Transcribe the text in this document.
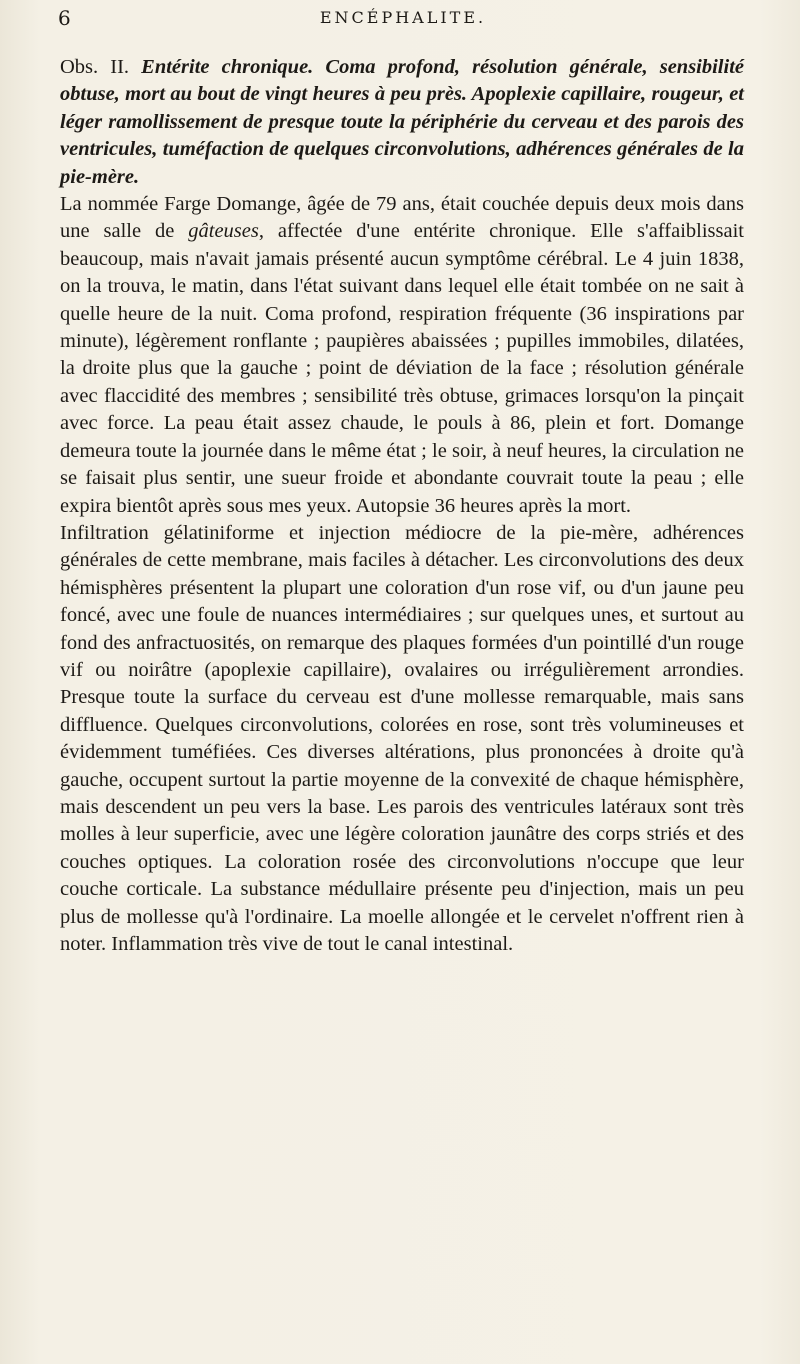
6	ENCÉPHALITE.

Obs. II. Entérite chronique. Coma profond, résolution générale, sensibilité obtuse, mort au bout de vingt heures à peu près. Apoplexie capillaire, rougeur, et léger ramollissement de presque toute la périphérie du cerveau et des parois des ventricules, tuméfaction de quelques circonvolutions, adhérences générales de la pie-mère.

La nommée Farge Domange, âgée de 79 ans, était couchée depuis deux mois dans une salle de gâteuses, affectée d'une entérite chronique. Elle s'affaiblissait beaucoup, mais n'avait jamais présenté aucun symptôme cérébral. Le 4 juin 1838, on la trouva, le matin, dans l'état suivant dans lequel elle était tombée on ne sait à quelle heure de la nuit. Coma profond, respiration fréquente (36 inspirations par minute), légèrement ronflante ; paupières abaissées ; pupilles immobiles, dilatées, la droite plus que la gauche ; point de déviation de la face ; résolution générale avec flaccidité des membres ; sensibilité très obtuse, grimaces lorsqu'on la pinçait avec force. La peau était assez chaude, le pouls à 86, plein et fort. Domange demeura toute la journée dans le même état ; le soir, à neuf heures, la circulation ne se faisait plus sentir, une sueur froide et abondante couvrait toute la peau ; elle expira bientôt après sous mes yeux. Autopsie 36 heures après la mort.

Infiltration gélatiniforme et injection médiocre de la pie-mère, adhérences générales de cette membrane, mais faciles à détacher. Les circonvolutions des deux hémisphères présentent la plupart une coloration d'un rose vif, ou d'un jaune peu foncé, avec une foule de nuances intermédiaires ; sur quelques unes, et surtout au fond des anfractuosités, on remarque des plaques formées d'un pointillé d'un rouge vif ou noirâtre (apoplexie capillaire), ovalaires ou irrégulièrement arrondies. Presque toute la surface du cerveau est d'une mollesse remarquable, mais sans diffluence. Quelques circonvolutions, colorées en rose, sont très volumineuses et évidemment tuméfiées. Ces diverses altérations, plus prononcées à droite qu'à gauche, occupent surtout la partie moyenne de la convexité de chaque hémisphère, mais descendent un peu vers la base. Les parois des ventricules latéraux sont très molles à leur superficie, avec une légère coloration jaunâtre des corps striés et des couches optiques. La coloration rosée des circonvolutions n'occupe que leur couche corticale. La substance médullaire présente peu d'injection, mais un peu plus de mollesse qu'à l'ordinaire. La moelle allongée et le cervelet n'offrent rien à noter. Inflammation très vive de tout le canal intestinal.
